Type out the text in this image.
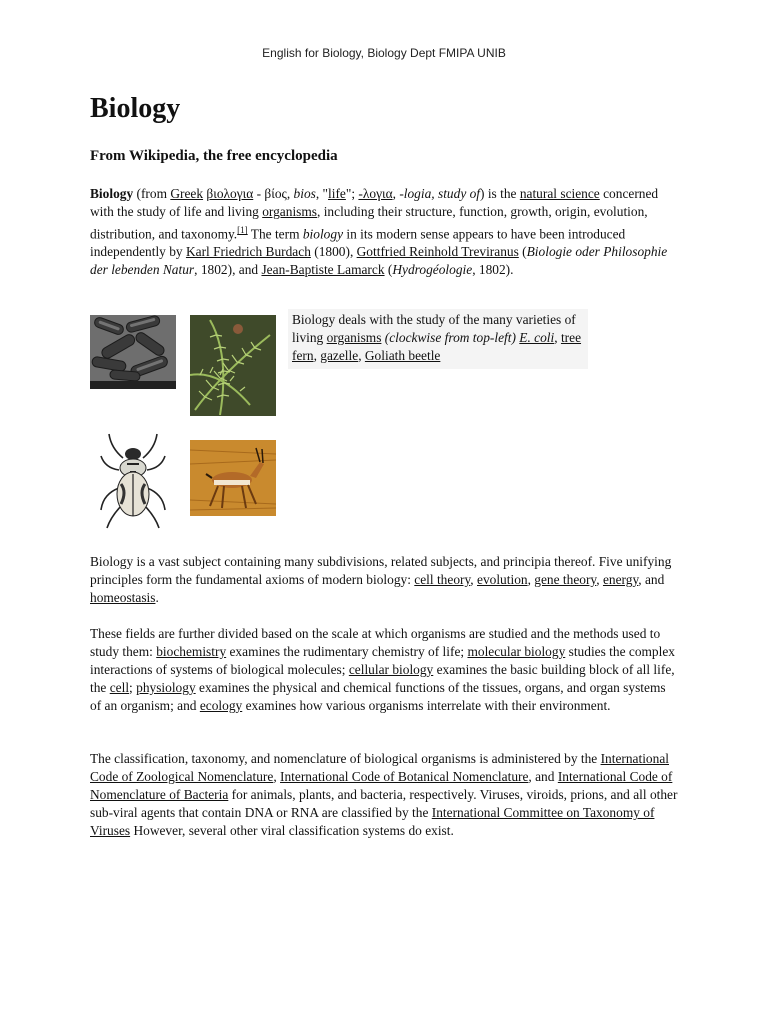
English for Biology, Biology Dept FMIPA UNIB
Biology
From Wikipedia, the free encyclopedia

Biology (from Greek βιολογια - βίος, bios, "life"; -λογια, -logia, study of) is the natural science concerned with the study of life and living organisms, including their structure, function, growth, origin, evolution, distribution, and taxonomy.[1] The term biology in its modern sense appears to have been introduced independently by Karl Friedrich Burdach (1800), Gottfried Reinhold Treviranus (Biologie oder Philosophie der lebenden Natur, 1802), and Jean-Baptiste Lamarck (Hydrogéologie, 1802).

Biology deals with the study of the many varieties of living organisms (clockwise from top-left) E. coli, tree fern, gazelle, Goliath beetle

Biology is a vast subject containing many subdivisions, related subjects, and principia thereof. Five unifying principles form the fundamental axioms of modern biology: cell theory, evolution, gene theory, energy, and homeostasis.

These fields are further divided based on the scale at which organisms are studied and the methods used to study them: biochemistry examines the rudimentary chemistry of life; molecular biology studies the complex interactions of systems of biological molecules; cellular biology examines the basic building block of all life, the cell; physiology examines the physical and chemical functions of the tissues, organs, and organ systems of an organism; and ecology examines how various organisms interrelate with their environment.

The classification, taxonomy, and nomenclature of biological organisms is administered by the International Code of Zoological Nomenclature, International Code of Botanical Nomenclature, and International Code of Nomenclature of Bacteria for animals, plants, and bacteria, respectively. Viruses, viroids, prions, and all other sub-viral agents that contain DNA or RNA are classified by the International Committee on Taxonomy of Viruses However, several other viral classification systems do exist.
